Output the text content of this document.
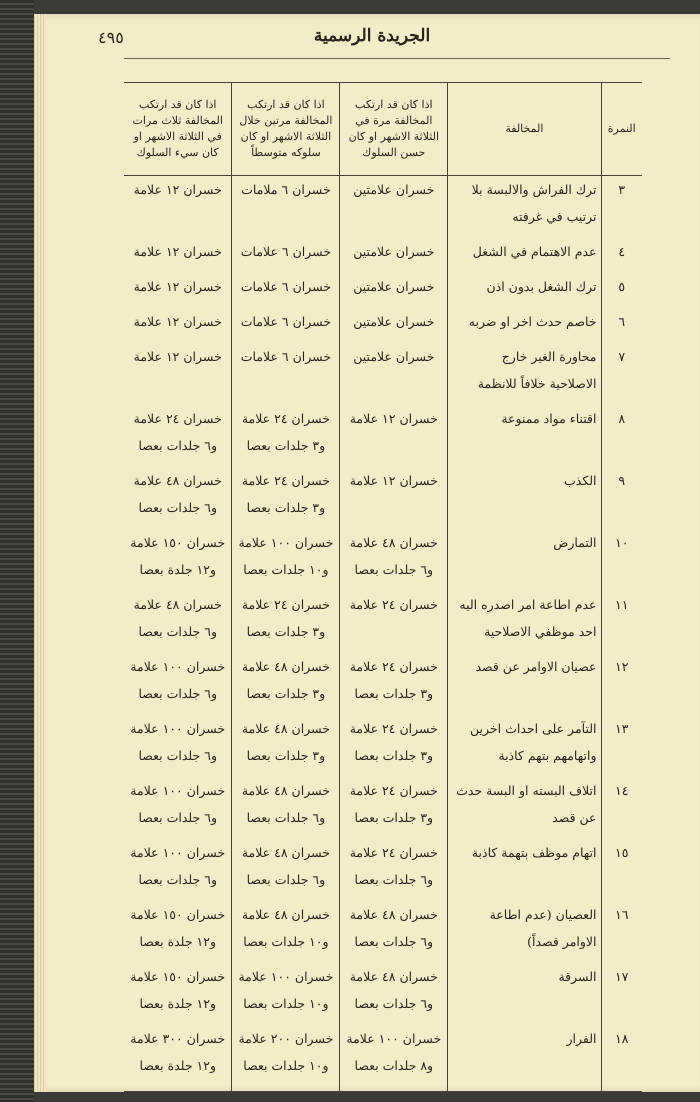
الجريدة الرسمية
٤٩٥
النمرة	المخالفة	اذا كان قد ارتكب المخالفة مرة في الثلاثة الاشهر او كان حسن السلوك	اذا كان قد ارتكب المخالفة مرتين خلال الثلاثة الاشهر او كان سلوكه متوسطاً	اذا كان قد ارتكب المخالفة ثلاث مرات في الثلاثة الاشهر او كان سيء السلوك
٣	ترك الفراش والالبسة بلا ترتيب في غرفته	خسران علامتين	خسران ٦ ملامات	خسران ١٢ علامة
٤	عدم الاهتمام في الشغل	خسران علامتين	خسران ٦ علامات	خسران ١٢ علامة
٥	ترك الشغل بدون اذن	خسران علامتين	خسران ٦ علامات	خسران ١٢ علامة
٦	خاصم حدث اخر او ضربه	خسران علامتين	خسران ٦ علامات	خسران ١٢ علامة
٧	محاورة الغير خارج الاصلاحية خلافاً للانظمة	خسران علامتين	خسران ٦ علامات	خسران ١٢ علامة
٨	اقتناء مواد ممنوعة	خسران ١٢ علامة	خسران ٢٤ علامة و٣ جلدات بعصا	خسران ٢٤ علامة و٦ جلدات بعصا
٩	الكذب	خسران ١٢ علامة	خسران ٢٤ علامة و٣ جلدات بعصا	خسران ٤٨ علامة و٦ جلدات بعصا
١٠	التمارض	خسران ٤٨ علامة و٦ جلدات بعصا	خسران ١٠٠ علامة و١٠ جلدات بعصا	خسران ١٥٠ علامة و١٢ جلدة بعصا
١١	عدم اطاعة امر اصدره اليه احد موظفي الاصلاحية	خسران ٢٤ علامة	خسران ٢٤ علامة و٣ جلدات بعصا	خسران ٤٨ علامة و٦ جلدات بعصا
١٢	عصيان الاوامر عن قصد	خسران ٢٤ علامة و٣ جلدات بعصا	خسران ٤٨ علامة و٣ جلدات بعصا	خسران ١٠٠ علامة و٦ جلدات بعصا
١٣	التآمر على احداث اخرين واتهامهم بتهم كاذبة	خسران ٢٤ علامة و٣ جلدات بعصا	خسران ٤٨ علامة و٣ جلدات بعصا	خسران ١٠٠ علامة و٦ جلدات بعصا
١٤	اتلاف البسته او البسة حدث عن قصد	خسران ٢٤ علامة و٣ جلدات بعصا	خسران ٤٨ علامة و٦ جلدات بعصا	خسران ١٠٠ علامة و٦ جلدات بعصا
١٥	اتهام موظف بتهمة كاذبة	خسران ٢٤ علامة و٦ جلدات بعصا	خسران ٤٨ علامة و٦ جلدات بعصا	خسران ١٠٠ علامة و٦ جلدات بعصا
١٦	العصيان (عدم اطاعة الاوامر قصداً)	خسران ٤٨ علامة و٦ جلدات بعصا	خسران ٤٨ علامة و١٠ جلدات بعصا	خسران ١٥٠ علامة و١٢ جلدة بعصا
١٧	السرقة	خسران ٤٨ علامة و٦ جلدات بعصا	خسران ١٠٠ علامة و١٠ جلدات بعصا	خسران ١٥٠ علامة و١٢ جلدة بعصا
١٨	الفرار	خسران ١٠٠ علامة و٨ جلدات بعصا	خسران ٢٠٠ علامة و١٠ جلدات بعصا	خسران ٣٠٠ علامة و١٢ جلدة بعصا
